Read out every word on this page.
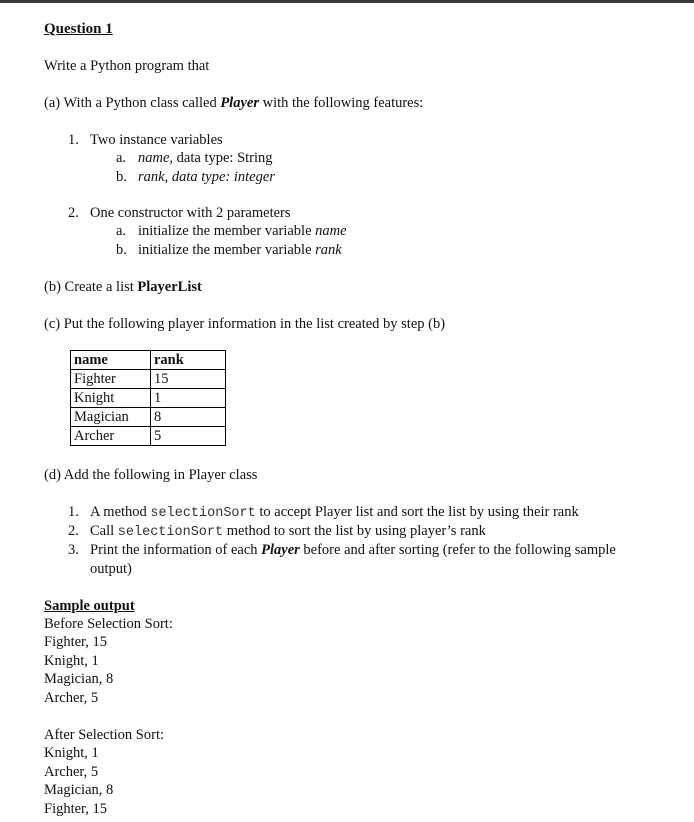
Question 1
Write a Python program that
(a) With a Python class called Player with the following features:
1. Two instance variables
a. name, data type: String
b. rank, data type: integer
2. One constructor with 2 parameters
a. initialize the member variable name
b. initialize the member variable rank
(b) Create a list PlayerList
(c) Put the following player information in the list created by step (b)
name	rank
Fighter	15
Knight	1
Magician	8
Archer	5
(d) Add the following in Player class
1. A method selectionSort to accept Player list and sort the list by using their rank
2. Call selectionSort method to sort the list by using player’s rank
3. Print the information of each Player before and after sorting (refer to the following sample
output)
Sample output
Before Selection Sort:
Fighter, 15
Knight, 1
Magician, 8
Archer, 5
After Selection Sort:
Knight, 1
Archer, 5
Magician, 8
Fighter, 15
